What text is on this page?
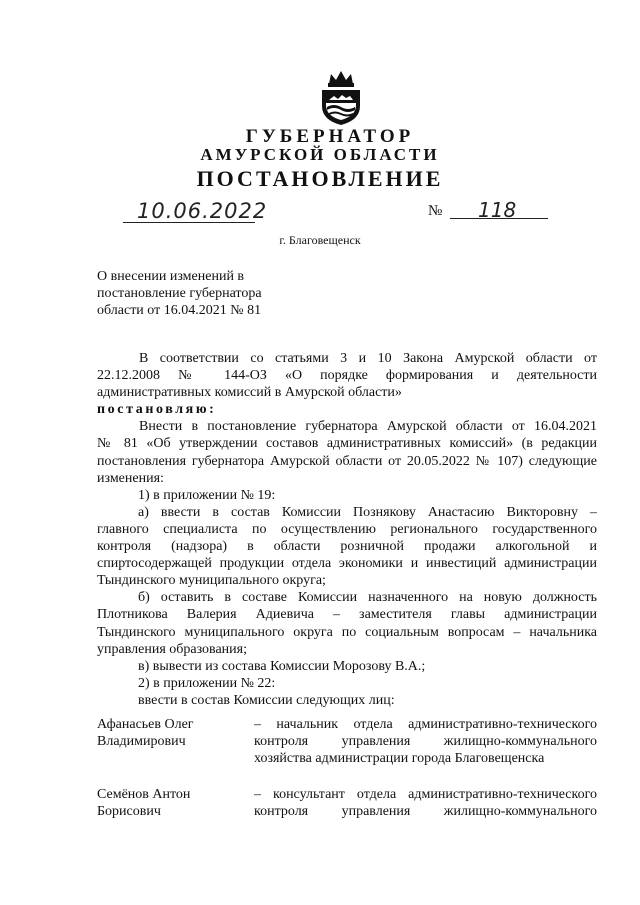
ГУБЕРНАТОР
АМУРСКОЙ ОБЛАСТИ
ПОСТАНОВЛЕНИЕ
10.06.2022	№ 118
г. Благовещенск
О внесении изменений в
постановление губернатора
области от 16.04.2021 № 81
В соответствии со статьями 3 и 10 Закона Амурской области от
22.12.2008 № 144-ОЗ «О порядке формирования и деятельности
административных комиссий в Амурской области»
постановляю:
Внести в постановление губернатора Амурской области от 16.04.2021
№ 81 «Об утверждении составов административных комиссий» (в редакции
постановления губернатора Амурской области от 20.05.2022 № 107) следующие
изменения:
1) в приложении № 19:
а) ввести в состав Комиссии Познякову Анастасию Викторовну –
главного специалиста по осуществлению регионального государственного
контроля (надзора) в области розничной продажи алкогольной и
спиртосодержащей продукции отдела экономики и инвестиций администрации
Тындинского муниципального округа;
б) оставить в составе Комиссии назначенного на новую должность
Плотникова Валерия Адиевича – заместителя главы администрации
Тындинского муниципального округа по социальным вопросам – начальника
управления образования;
в) вывести из состава Комиссии Морозову В.А.;
2) в приложении № 22:
ввести в состав Комиссии следующих лиц:
Афанасьев Олег
Владимирович
– начальник отдела административно-технического
контроля управления жилищно-коммунального
хозяйства администрации города Благовещенска
Семёнов Антон
Борисович
– консультант отдела административно-технического
контроля управления жилищно-коммунального
